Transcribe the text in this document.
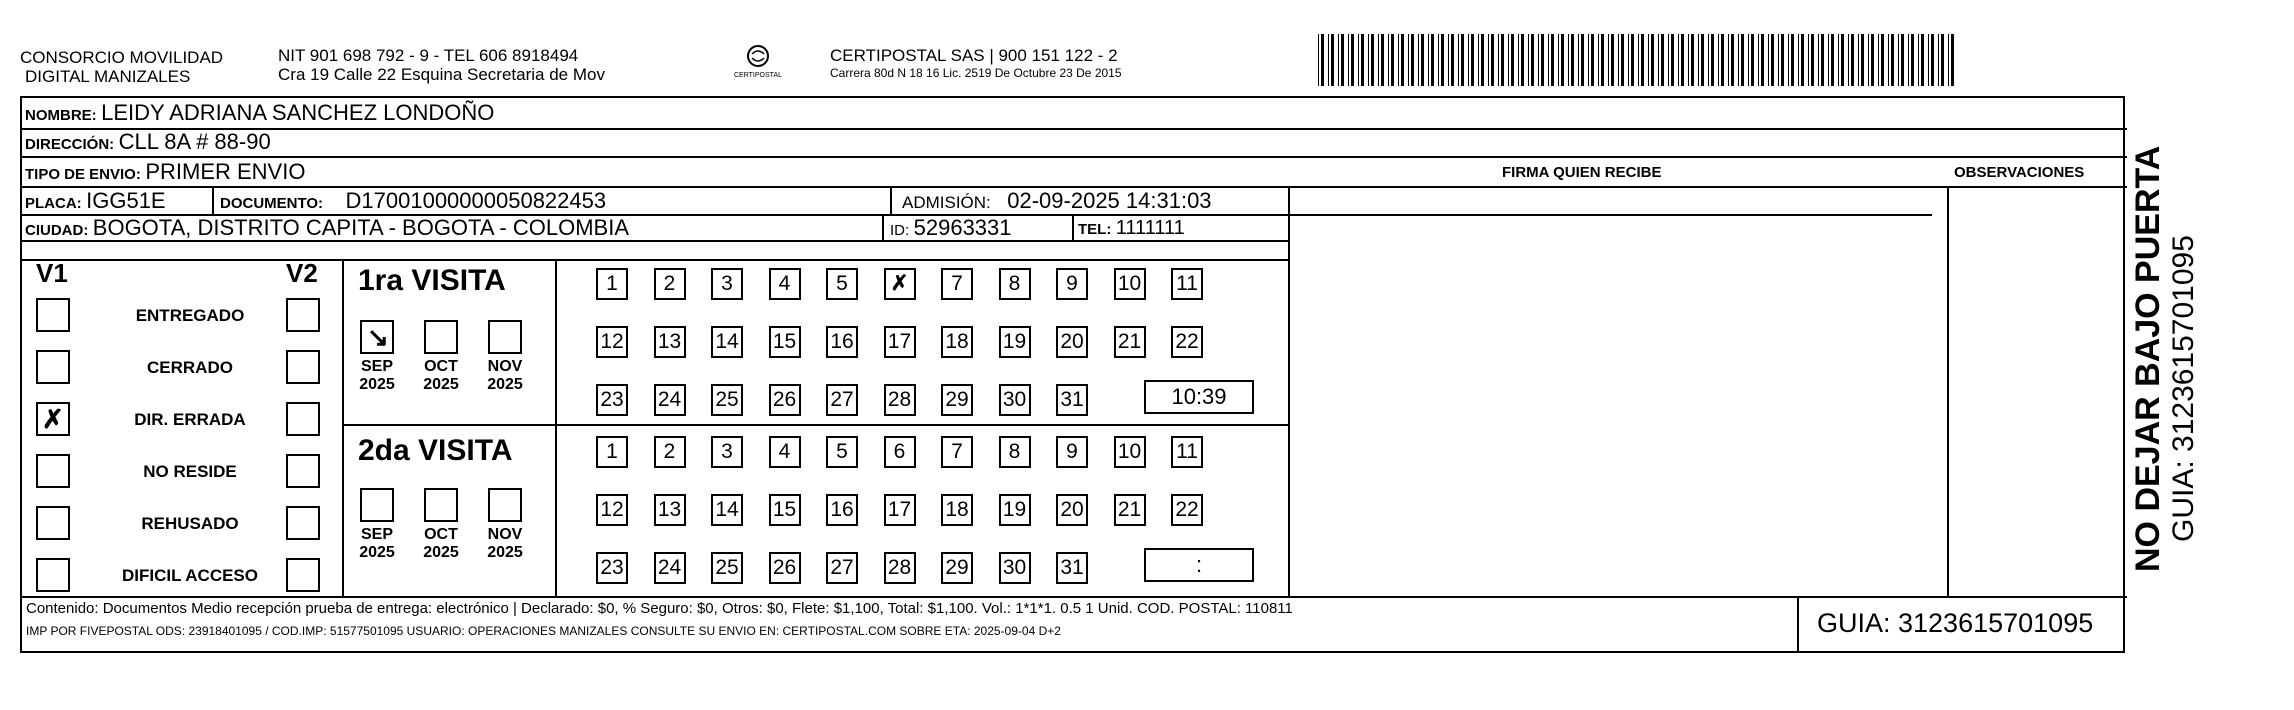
CONSORCIO MOVILIDAD
DIGITAL MANIZALES
NIT 901 698 792 - 9 - TEL 606 8918494
Cra 19 Calle 22 Esquina Secretaria de Mov	CERTIPOSTAL
CERTIPOSTAL SAS | 900 151 122 - 2
Carrera 80d N 18 16 Lic. 2519 De Octubre 23 De 2015
NOMBRE: LEIDY ADRIANA SANCHEZ LONDOÑO
DIRECCIÓN: CLL 8A # 88-90
TIPO DE ENVIO: PRIMER ENVIO	FIRMA QUIEN RECIBE	OBSERVACIONES
PLACA: IGG51E	DOCUMENTO: D17001000000050822453	ADMISIÓN: 02-09-2025 14:31:03
CIUDAD: BOGOTA, DISTRITO CAPITA - BOGOTA - COLOMBIA	ID: 52963331	TEL: 1111111
V1	V2
ENTREGADO
CERRADO
✗	DIR. ERRADA
NO RESIDE
REHUSADO
DIFICIL ACCESO
1ra VISITA
↘
SEP
2025
OCT
2025
NOV
2025
1	2	3	4	5	✗	7	8	9	10 11
12 13 14 15 16 17 18 19 20 21 22
23 24 25 26 27 28 29 30 31	10:39
2da VISITA
SEP
2025
OCT
2025
NOV
2025
1	2	3	4	5	6	7	8	9	10 11
12 13 14 15 16 17 18 19 20 21 22
23 24 25 26 27 28 29 30 31	:
Contenido: Documentos Medio recepción prueba de entrega: electrónico | Declarado: $0, % Seguro: $0, Otros: $0, Flete: $1,100, Total: $1,100. Vol.: 1*1*1. 0.5 1 Unid. COD. POSTAL: 110811
IMP POR FIVEPOSTAL ODS: 23918401095 / COD.IMP: 51577501095 USUARIO: OPERACIONES MANIZALES CONSULTE SU ENVIO EN: CERTIPOSTAL.COM SOBRE ETA: 2025-09-04 D+2	GUIA: 3123615701095
NO DEJAR BAJO PUERTA GUIA: 3123615701095
